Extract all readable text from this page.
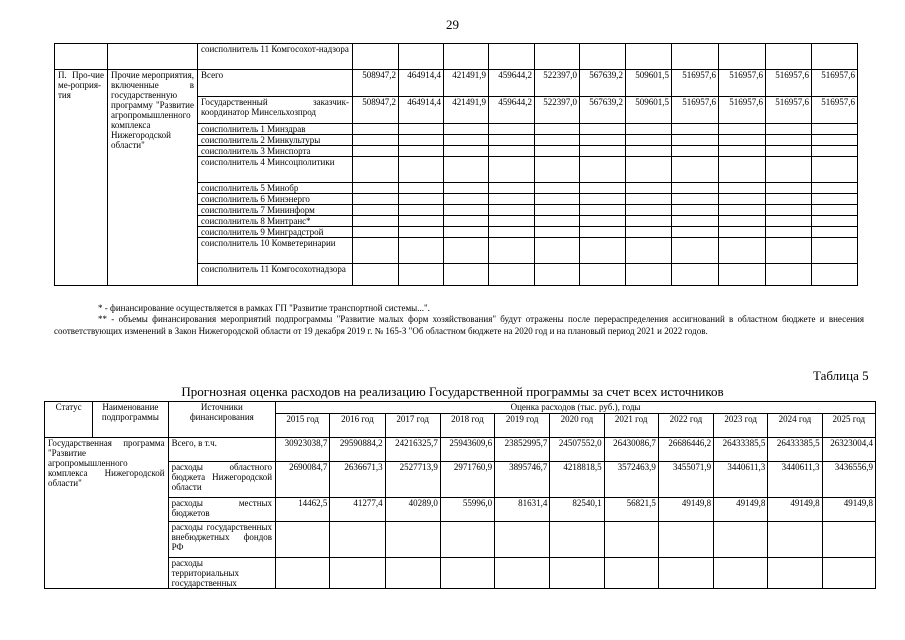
29
		соисполнитель 11 Комгосохот-надзора											
П. Про-чие ме-роприя-тия	Прочие мероприятия, включенные в государственную программу "Развитие агропромышленного комплекса Нижегородской области"	Всего	508947,2	464914,4	421491,9	459644,2	522397,0	567639,2	509601,5	516957,6	516957,6	516957,6	516957,6
		Государственный заказчик-координатор Минсельхозпрод	508947,2	464914,4	421491,9	459644,2	522397,0	567639,2	509601,5	516957,6	516957,6	516957,6	516957,6
		соисполнитель 1 Минздрав											
		соисполнитель 2 Минкультуры											
		соисполнитель 3 Минспорта											
		соисполнитель 4 Минсоцполитики											
		соисполнитель 5 Минобр											
		соисполнитель 6 Минэнерго											
		соисполнитель 7 Мининформ											
		соисполнитель 8 Минтранс*											
		соисполнитель 9 Минградстрой											
		соисполнитель 10 Комветеринарии											
		соисполнитель 11 Комгосохотнадзора											
* - финансирование осуществляется в рамках ГП "Развитие транспортной системы...".
** - объемы финансирования мероприятий подпрограммы "Развитие малых форм хозяйствования" будут отражены после перераспределения ассигнований в областном бюджете и внесения соответствующих изменений в Закон Нижегородской области от 19 декабря 2019 г. № 165-З "Об областном бюджете на 2020 год и на плановый период 2021 и 2022 годов.
Таблица 5
Прогнозная оценка расходов на реализацию Государственной программы за счет всех источников
Статус	Наименование подпрограммы	Источники финансирования	Оценка расходов (тыс. руб.), годы										
			2015 год	2016 год	2017 год	2018 год	2019 год	2020 год	2021 год	2022 год	2023 год	2024 год	2025 год
Государственная программа "Развитие агропромышленного комплекса Нижегородской области"		Всего, в т.ч.	30923038,7	29590884,2	24216325,7	25943609,6	23852995,7	24507552,0	26430086,7	26686446,2	26433385,5	26433385,5	26323004,4
		расходы областного бюджета Нижегородской области	2690084,7	2636671,3	2527713,9	2971760,9	3895746,7	4218818,5	3572463,9	3455071,9	3440611,3	3440611,3	3436556,9
		расходы местных бюджетов	14462,5	41277,4	40289,0	55996,0	81631,4	82540,1	56821,5	49149,8	49149,8	49149,8	49149,8
		расходы государственных внебюджетных фондов РФ											
		расходы территориальных государственных											
